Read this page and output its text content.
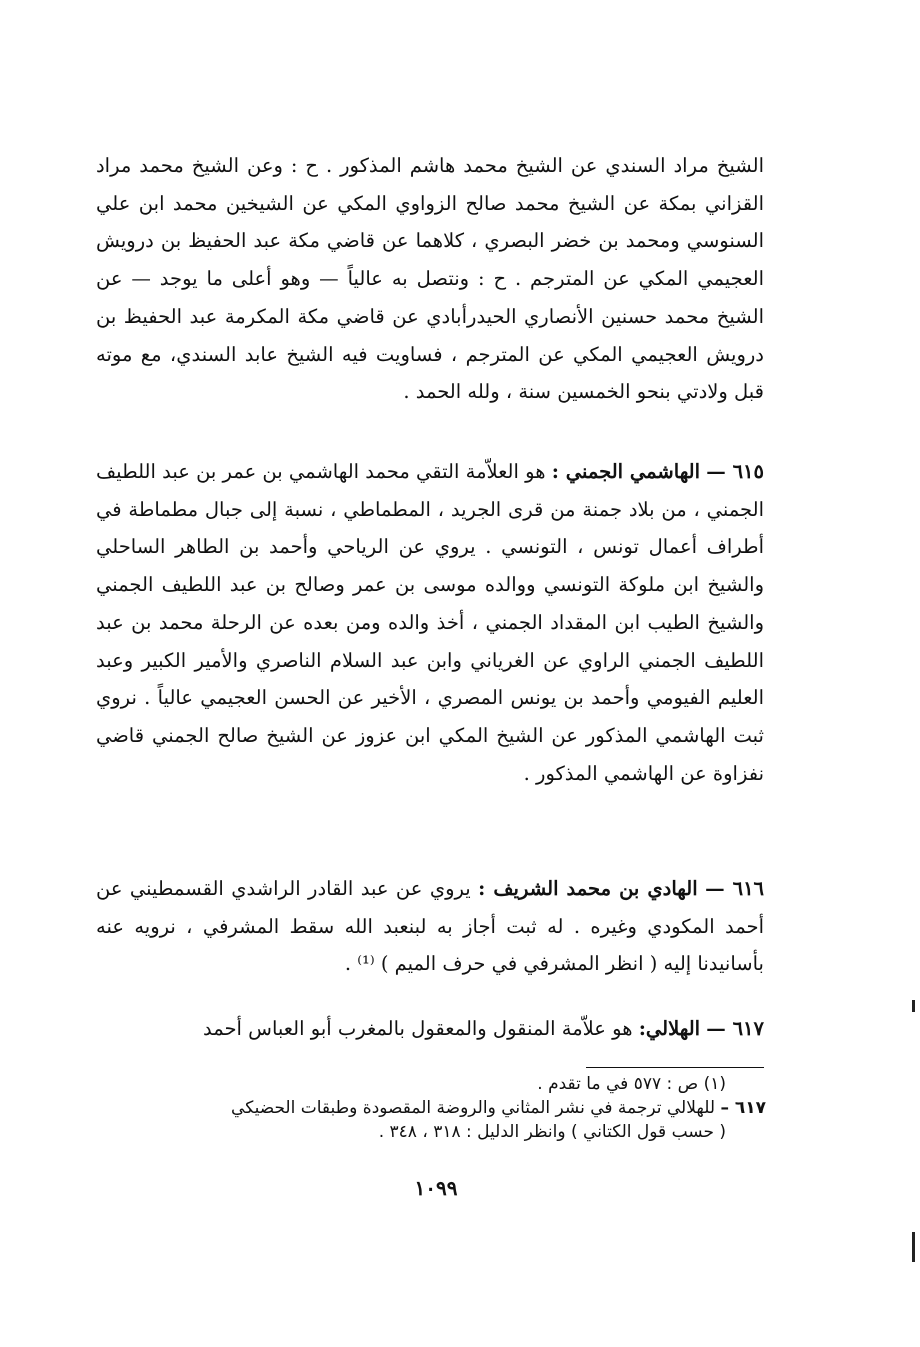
الشيخ مراد السندي عن الشيخ محمد هاشم المذكور . ح : وعن الشيخ محمد مراد القزاني بمكة عن الشيخ محمد صالح الزواوي المكي عن الشيخين محمد ابن علي السنوسي ومحمد بن خضر البصري ، كلاهما عن قاضي مكة عبد الحفيظ بن درويش العجيمي المكي عن المترجم . ح : ونتصل به عالياً — وهو أعلى ما يوجد — عن الشيخ محمد حسنين الأنصاري الحيدرأبادي عن قاضي مكة المكرمة عبد الحفيظ بن درويش العجيمي المكي عن المترجم ، فساويت فيه الشيخ عابد السندي، مع موته قبل ولادتي بنحو الخمسين سنة ، ولله الحمد .

٦١٥ — الهاشمي الجمني : هو العلاّمة التقي محمد الهاشمي بن عمر بن عبد اللطيف الجمني ، من بلاد جمنة من قرى الجريد ، المطماطي ، نسبة إلى جبال مطماطة في أطراف أعمال تونس ، التونسي . يروي عن الرياحي وأحمد بن الطاهر الساحلي والشيخ ابن ملوكة التونسي ووالده موسى بن عمر وصالح بن عبد اللطيف الجمني والشيخ الطيب ابن المقداد الجمني ، أخذ والده ومن بعده عن الرحلة محمد بن عبد اللطيف الجمني الراوي عن الغرياني وابن عبد السلام الناصري والأمير الكبير وعبد العليم الفيومي وأحمد بن يونس المصري ، الأخير عن الحسن العجيمي عالياً . نروي ثبت الهاشمي المذكور عن الشيخ المكي ابن عزوز عن الشيخ صالح الجمني قاضي نفزاوة عن الهاشمي المذكور .

٦١٦ — الهادي بن محمد الشريف : يروي عن عبد القادر الراشدي القسمطيني عن أحمد المكودي وغيره . له ثبت أجاز به لبنعبد الله سقط المشرفي ، نرويه عنه بأسانيدنا إليه ( انظر المشرفي في حرف الميم ) ⁽¹⁾ .

٦١٧ — الهلالي: هو علاّمة المنقول والمعقول بالمغرب أبو العباس أحمد

(١) ص : ٥٧٧ في ما تقدم .
٦١٧ – للهلالي ترجمة في نشر المثاني والروضة المقصودة وطبقات الحضيكي

( حسب قول الكتاني ) وانظر الدليل : ٣١٨ ، ٣٤٨ .
١٠٩٩
